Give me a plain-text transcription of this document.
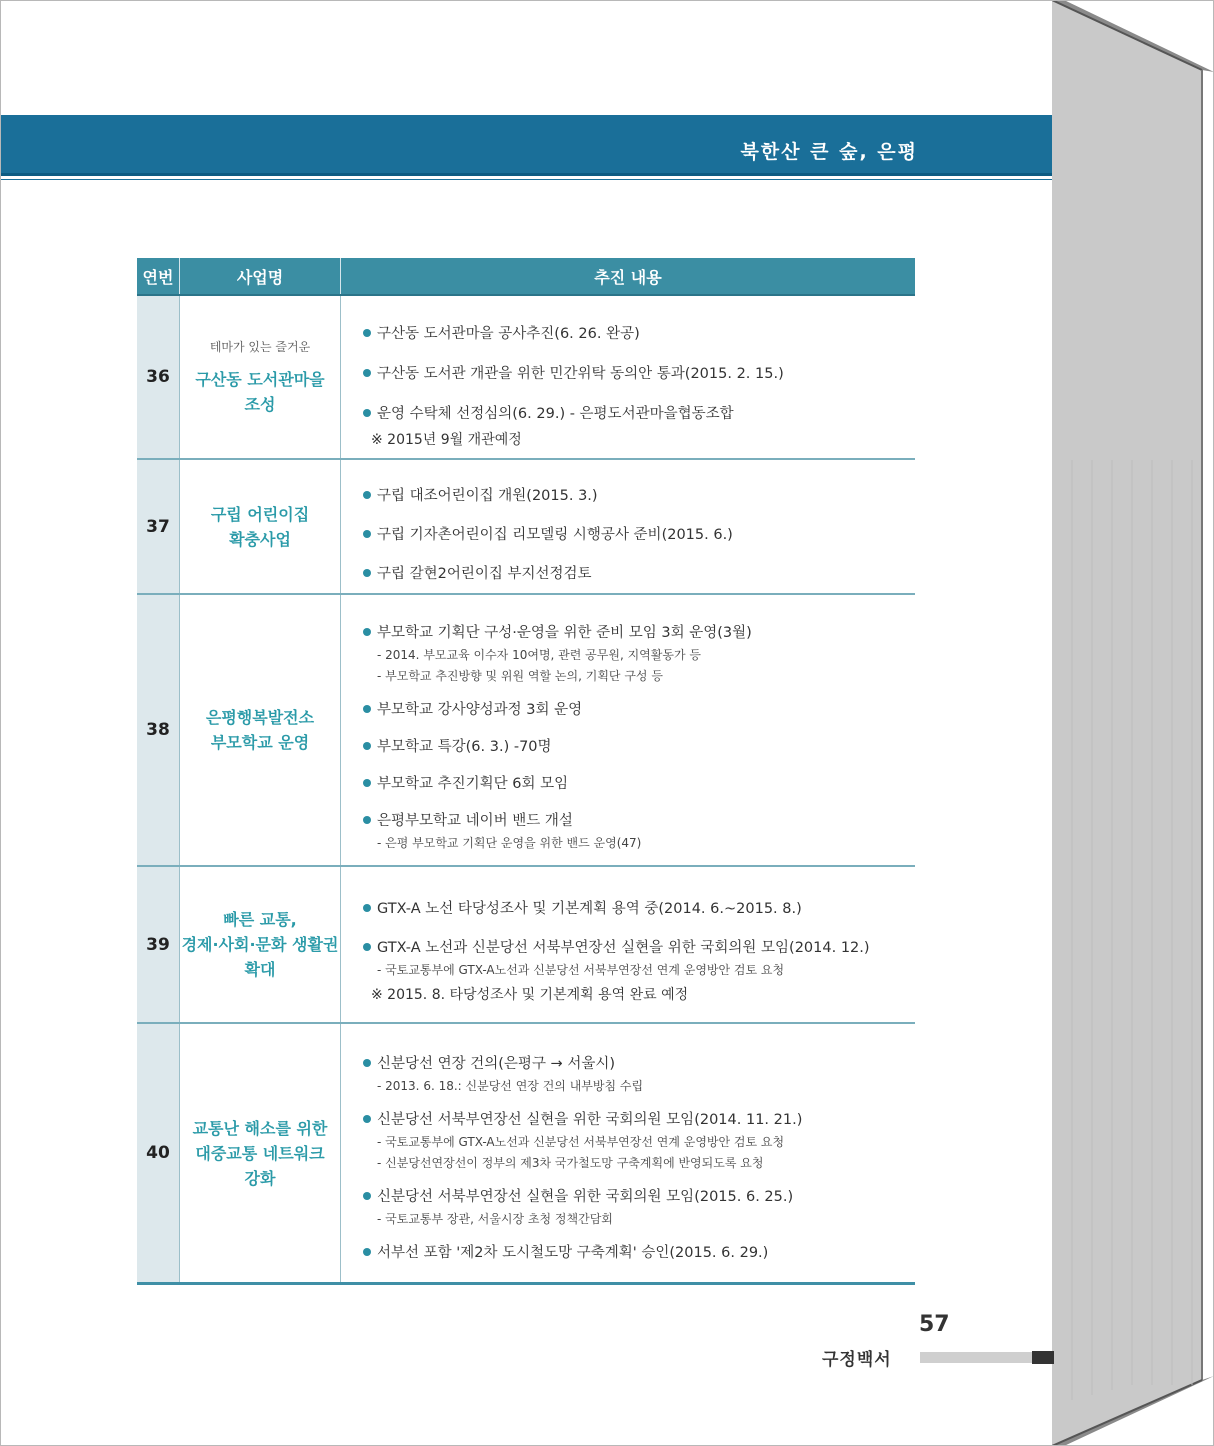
북한산 큰 숲, 은평
연번	사업명	추진 내용
36
테마가 있는 즐거운
구산동 도서관마을
조성
구산동 도서관마을 공사추진(6. 26. 완공)
구산동 도서관 개관을 위한 민간위탁 동의안 통과(2015. 2. 15.)
운영 수탁체 선정심의(6. 29.) - 은평도서관마을협동조합
※ 2015년 9월 개관예정
37
구립 어린이집
확충사업
구립 대조어린이집 개원(2015. 3.)
구립 기자촌어린이집 리모델링 시행공사 준비(2015. 6.)
구립 갈현2어린이집 부지선정검토
38
은평행복발전소
부모학교 운영
부모학교 기획단 구성·운영을 위한 준비 모임 3회 운영(3월)
- 2014. 부모교육 이수자 10여명, 관련 공무원, 지역활동가 등
- 부모학교 추진방향 및 위원 역할 논의, 기획단 구성 등
부모학교 강사양성과정 3회 운영
부모학교 특강(6. 3.) -70명
부모학교 추진기획단 6회 모임
은평부모학교 네이버 밴드 개설
- 은평 부모학교 기획단 운영을 위한 밴드 운영(47)
39
빠른 교통,
경제·사회·문화 생활권
확대
GTX-A 노선 타당성조사 및 기본계획 용역 중(2014. 6.~2015. 8.)
GTX-A 노선과 신분당선 서북부연장선 실현을 위한 국회의원 모임(2014. 12.)
- 국토교통부에 GTX-A노선과 신분당선 서북부연장선 연계 운영방안 검토 요청
※ 2015. 8. 타당성조사 및 기본계획 용역 완료 예정
40
교통난 해소를 위한
대중교통 네트워크
강화
신분당선 연장 건의(은평구 → 서울시)
- 2013. 6. 18.: 신분당선 연장 건의 내부방침 수립
신분당선 서북부연장선 실현을 위한 국회의원 모임(2014. 11. 21.)
- 국토교통부에 GTX-A노선과 신분당선 서북부연장선 연계 운영방안 검토 요청
- 신분당선연장선이 정부의 제3차 국가철도망 구축계획에 반영되도록 요청
신분당선 서북부연장선 실현을 위한 국회의원 모임(2015. 6. 25.)
- 국토교통부 장관, 서울시장 초청 정책간담회
서부선 포함 '제2차 도시철도망 구축계획' 승인(2015. 6. 29.)
57
구정백서
